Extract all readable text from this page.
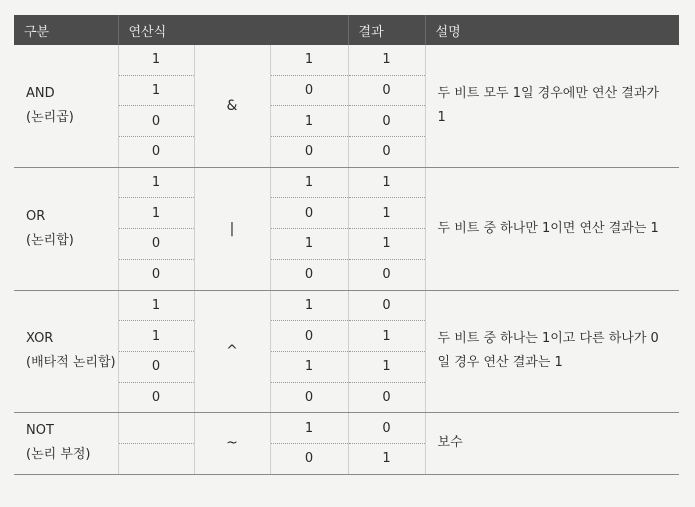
구분	연산식			결과	설명

AND
(논리곱)	1	&	1	1	두 비트 모두 1일 경우에만 연산 결과가 1
	1		0	0	
	0		1	0	
	0		0	0	

OR
(논리합)	1	|	1	1	두 비트 중 하나만 1이면 연산 결과는 1
	1		0	1	
	0		1	1	
	0		0	0	

XOR
(배타적 논리합)	1	^	1	0	두 비트 중 하나는 1이고 다른 하나가 0일 경우 연산 결과는 1
	1		0	1	
	0		1	1	
	0		0	0	

NOT
(논리 부정)		~	1	0	보수
			0	1	
